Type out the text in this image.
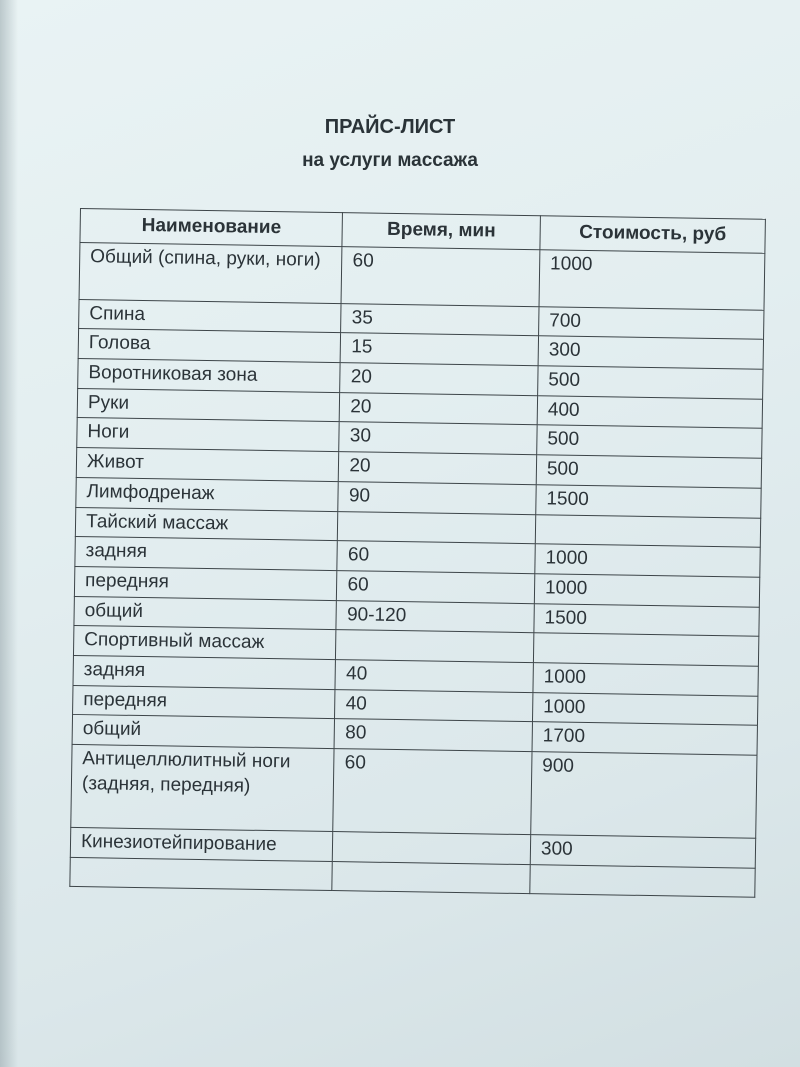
ПРАЙС-ЛИСТ
на услуги массажа
Наименование	Время, мин	Стоимость, руб
Общий (спина, руки, ноги)	60	1000
Спина	35	700
Голова	15	300
Воротниковая зона	20	500
Руки	20	400
Ноги	30	500
Живот	20	500
Лимфодренаж	90	1500
Тайский массаж		
задняя	60	1000
передняя	60	1000
общий	90-120	1500
Спортивный массаж		
задняя	40	1000
передняя	40	1000
общий	80	1700
Антицеллюлитный ноги (задняя, передняя)	60	900
Кинезиотейпирование		300
